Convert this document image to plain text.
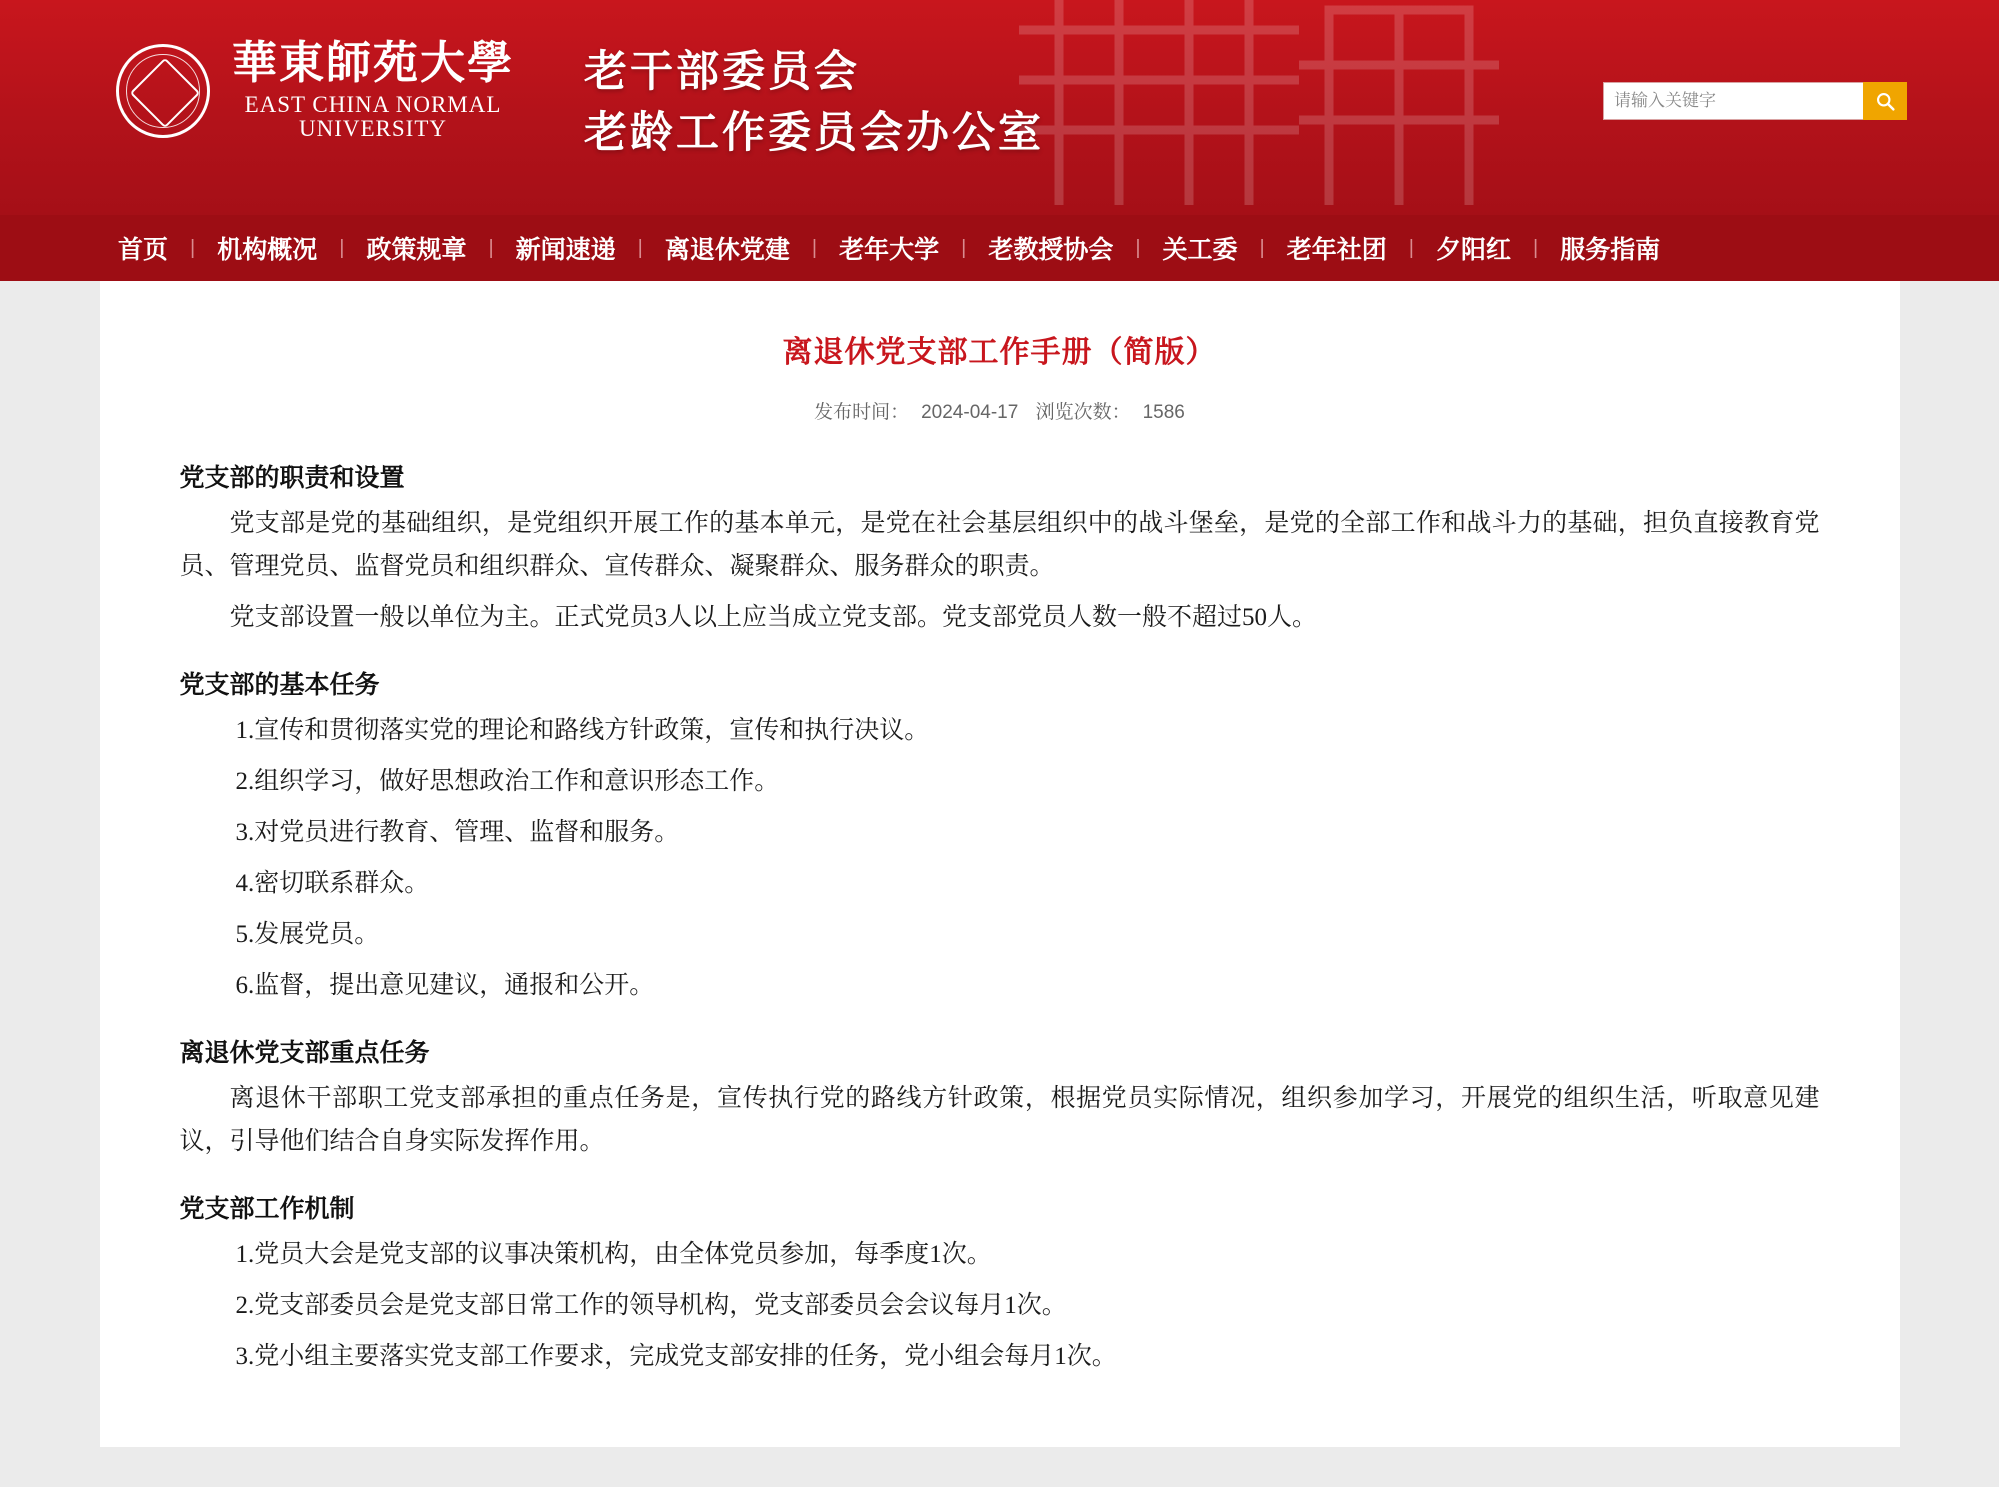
華東師苑大學
EAST CHINA NORMAL
UNIVERSITY
老干部委员会
老龄工作委员会办公室
请输入关键字
首页	| 机构概况	| 政策规章	| 新闻速递	| 离退休党建	| 老年大学	| 老教授协会	| 关工委	| 老年社团	| 夕阳红	| 服务指南
离退休党支部工作手册（简版）
发布时间： 2024-04-17 浏览次数： 1586
党支部的职责和设置

党支部是党的基础组织，是党组织开展工作的基本单元，是党在社会基层组织中的战斗堡垒，是党的全部工作和战斗力的基础，担负直接教育党员、管理党员、监督党员和组织群众、宣传群众、凝聚群众、服务群众的职责。

党支部设置一般以单位为主。正式党员3人以上应当成立党支部。党支部党员人数一般不超过50人。

党支部的基本任务
1.宣传和贯彻落实党的理论和路线方针政策，宣传和执行决议。
2.组织学习，做好思想政治工作和意识形态工作。
3.对党员进行教育、管理、监督和服务。
4.密切联系群众。
5.发展党员。
6.监督，提出意见建议，通报和公开。
离退休党支部重点任务

离退休干部职工党支部承担的重点任务是，宣传执行党的路线方针政策，根据党员实际情况，组织参加学习，开展党的组织生活，听取意见建议，引导他们结合自身实际发挥作用。

党支部工作机制
1.党员大会是党支部的议事决策机构，由全体党员参加，每季度1次。
2.党支部委员会是党支部日常工作的领导机构，党支部委员会会议每月1次。
3.党小组主要落实党支部工作要求，完成党支部安排的任务，党小组会每月1次。
